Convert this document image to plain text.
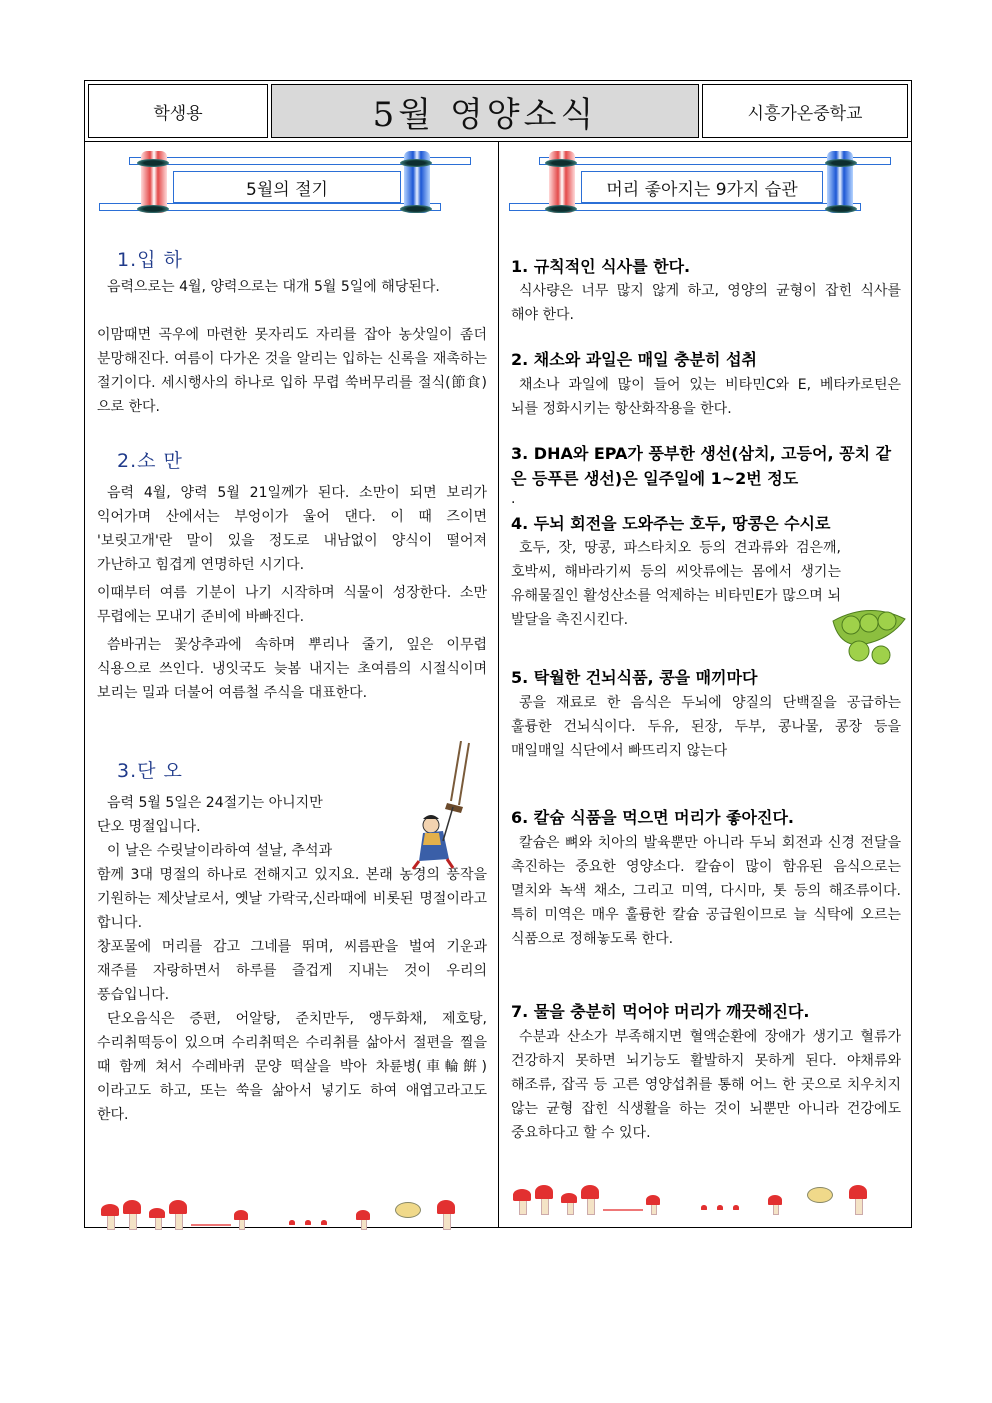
학생용	5월 영양소식	시흥가온중학교
5월의 절기
1.입 하
음력으로는 4월, 양력으로는 대개 5월 5일에 해당된다.
이맘때면 곡우에 마련한 못자리도 자리를 잡아 농삿일이 좀더 분망해진다. 여름이 다가온 것을 알리는 입하는 신록을 재촉하는 절기이다. 세시행사의 하나로 입하 무렵 쑥버무리를 절식(節食)으로 한다.
2.소 만
음력 4월, 양력 5월 21일께가 된다. 소만이 되면 보리가 익어가며 산에서는 부엉이가 울어 댄다. 이 때 즈이면 '보릿고개'란 말이 있을 정도로 내남없이 양식이 떨어져 가난하고 힘겹게 연명하던 시기다.
이때부터 여름 기분이 나기 시작하며 식물이 성장한다. 소만 무렵에는 모내기 준비에 바빠진다.
씀바귀는 꽃상추과에 속하며 뿌리나 줄기, 잎은 이무렵 식용으로 쓰인다. 냉잇국도 늦봄 내지는 초여름의 시절식이며 보리는 밀과 더불어 여름철 주식을 대표한다.
3.단 오
음력 5월 5일은 24절기는 아니지만
단오 명절입니다.
이 날은 수릿날이라하여 설날, 추석과
함께 3대 명절의 하나로 전해지고 있지요. 본래 농경의 풍작을 기원하는 제삿날로서, 옛날 가락국,신라때에 비롯된 명절이라고 합니다.
창포물에 머리를 감고 그네를 뛰며, 씨름판을 벌여 기운과 재주를 자랑하면서 하루를 즐겁게 지내는 것이 우리의 풍습입니다.
단오음식은 증편, 어알탕, 준치만두, 앵두화채, 제호탕, 수리취떡등이 있으며 수리취떡은 수리취를 삶아서 절편을 찔을 때 함께 쳐서 수레바퀴 문양 떡살을 박아 차륜병(車輪餠)이라고도 하고, 또는 쑥을 삶아서 넣기도 하여 애엽고라고도 한다.
머리 좋아지는 9가지 습관
1. 규칙적인 식사를 한다.
식사량은 너무 많지 않게 하고, 영양의 균형이 잡힌 식사를 해야 한다.
2. 채소와 과일은 매일 충분히 섭취
채소나 과일에 많이 들어 있는 비타민C와 E, 베타카로틴은 뇌를 정화시키는 항산화작용을 한다.
3. DHA와 EPA가 풍부한 생선(삼치, 고등어, 꽁치 같은 등푸른 생선)은 일주일에 1~2번 정도
.
4. 두뇌 회전을 도와주는 호두, 땅콩은 수시로
호두, 잣, 땅콩, 파스타치오 등의 견과류와 검은깨, 호박씨, 해바라기씨 등의 씨앗류에는 몸에서 생기는 유해물질인 활성산소를 억제하는 비타민E가 많으며 뇌 발달을 촉진시킨다.
5. 탁월한 건뇌식품, 콩을 매끼마다
콩을 재료로 한 음식은 두뇌에 양질의 단백질을 공급하는 훌륭한 건뇌식이다. 두유, 된장, 두부, 콩나물, 콩장 등을 매일매일 식단에서 빠뜨리지 않는다
6. 칼슘 식품을 먹으면 머리가 좋아진다.
칼슘은 뼈와 치아의 발육뿐만 아니라 두뇌 회전과 신경 전달을 촉진하는 중요한 영양소다. 칼슘이 많이 함유된 음식으로는 멸치와 녹색 채소, 그리고 미역, 다시마, 톳 등의 해조류이다. 특히 미역은 매우 훌륭한 칼슘 공급원이므로 늘 식탁에 오르는 식품으로 정해놓도록 한다.
7. 물을 충분히 먹어야 머리가 깨끗해진다.
수분과 산소가 부족해지면 혈액순환에 장애가 생기고 혈류가 건강하지 못하면 뇌기능도 활발하지 못하게 된다. 야채류와 해조류, 잡곡 등 고른 영양섭취를 통해 어느 한 곳으로 치우치지 않는 균형 잡힌 식생활을 하는 것이 뇌뿐만 아니라 건강에도 중요하다고 할 수 있다.
